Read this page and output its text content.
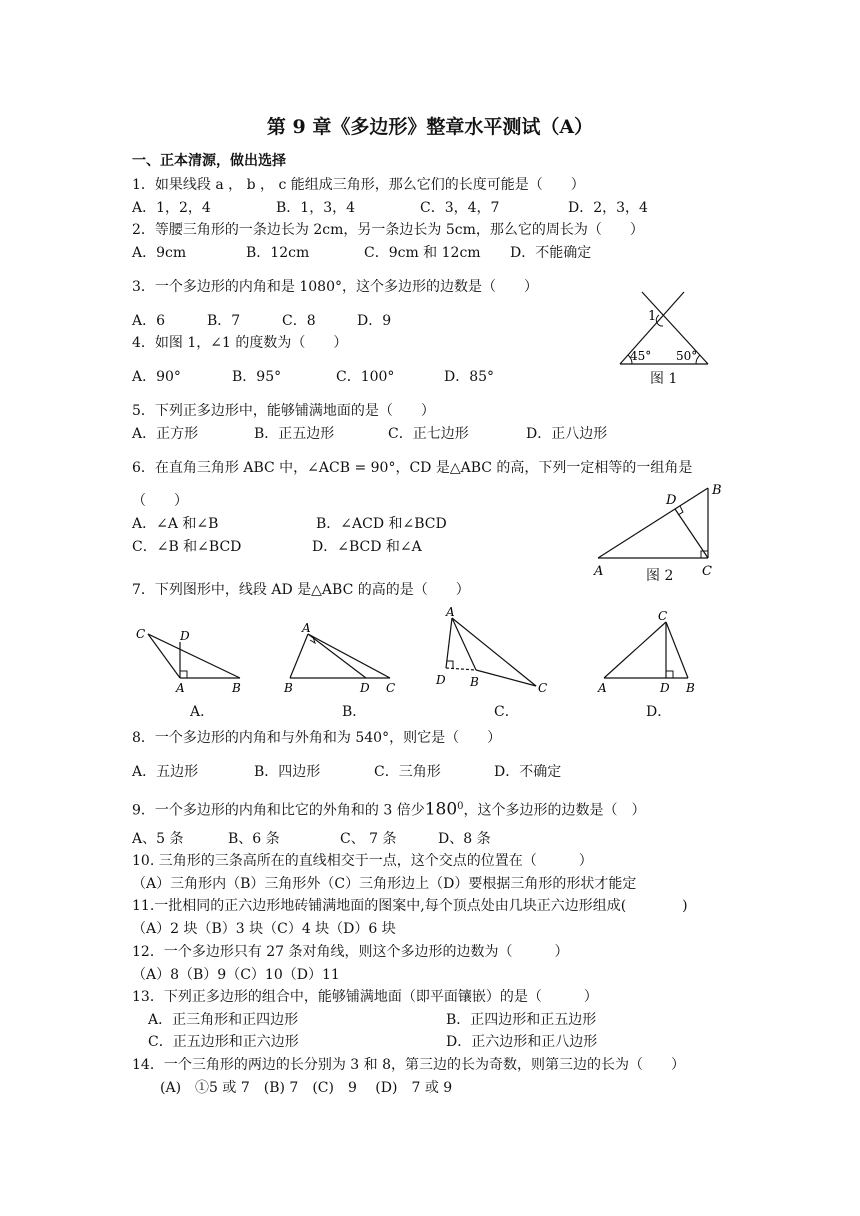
第 9 章《多边形》整章水平测试（A）
一、正本清源，做出选择
1．如果线段 a ， b ， c 能组成三角形，那么它们的长度可能是（　　）
A．1，2，4	B．1，3，4	C．3，4，7	D．2，3，4
2．等腰三角形的一条边长为 2cm，另一条边长为 5cm，那么它的周长为（　　）
A．9cm	B．12cm	C．9cm 和 12cm D．不能确定
3．一个多边形的内角和是 1080°，这个多边形的边数是（　　）
A．6	B．7	C．8	D．9
4．如图 1，∠1 的度数为（　　）
A．90°	B．95°	C．100°	D．85°
1
45° 50°
图 1
5．下列正多边形中，能够铺满地面的是（　　）
A．正方形	B．正五边形	C．正七边形	D．正八边形
6．在直角三角形 ABC 中，∠ACB = 90°，CD 是△ABC 的高，下列一定相等的一组角是
（　　）
A．∠A 和∠B	B．∠ACD 和∠BCD
C．∠B 和∠BCD	D．∠BCD 和∠A
A
B
C
D
图 2
7．下列图形中，线段 AD 是△ABC 的高的是（　　）
C	D
A	B
A．
A
B	D C
B．
A
D B	C
C．
C
A	D B
D．
8．一个多边形的内角和与外角和为 540°，则它是（　　）
A．五边形	B．四边形	C．三角形	D．不确定
9．一个多边形的内角和比它的外角和的 3 倍少$180^0$，这个多边形的边数是（　）
A、5 条	B、6 条	C、 7 条	D、8 条
10. 三角形的三条高所在的直线相交于一点，这个交点的位置在（　　　）
（A）三角形内（B）三角形外（C）三角形边上（D）要根据三角形的形状才能定
11.一批相同的正六边形地砖铺满地面的图案中,每个顶点处由几块正六边形组成(　　　　)
（A）2 块（B）3 块（C）4 块（D）6 块
12．一个多边形只有 27 条对角线，则这个多边形的边数为（　　　）
（A）8（B）9（C）10（D）11
13．下列正多边形的组合中，能够铺满地面（即平面镶嵌）的是（　　　）
A．正三角形和正四边形	B．正四边形和正五边形
C．正五边形和正六边形	D．正六边形和正八边形
14．一个三角形的两边的长分别为 3 和 8，第三边的长为奇数，则第三边的长为（　　）
(A)　①5 或 7　(B) 7　(C)　9　 (D)　7 或 9
